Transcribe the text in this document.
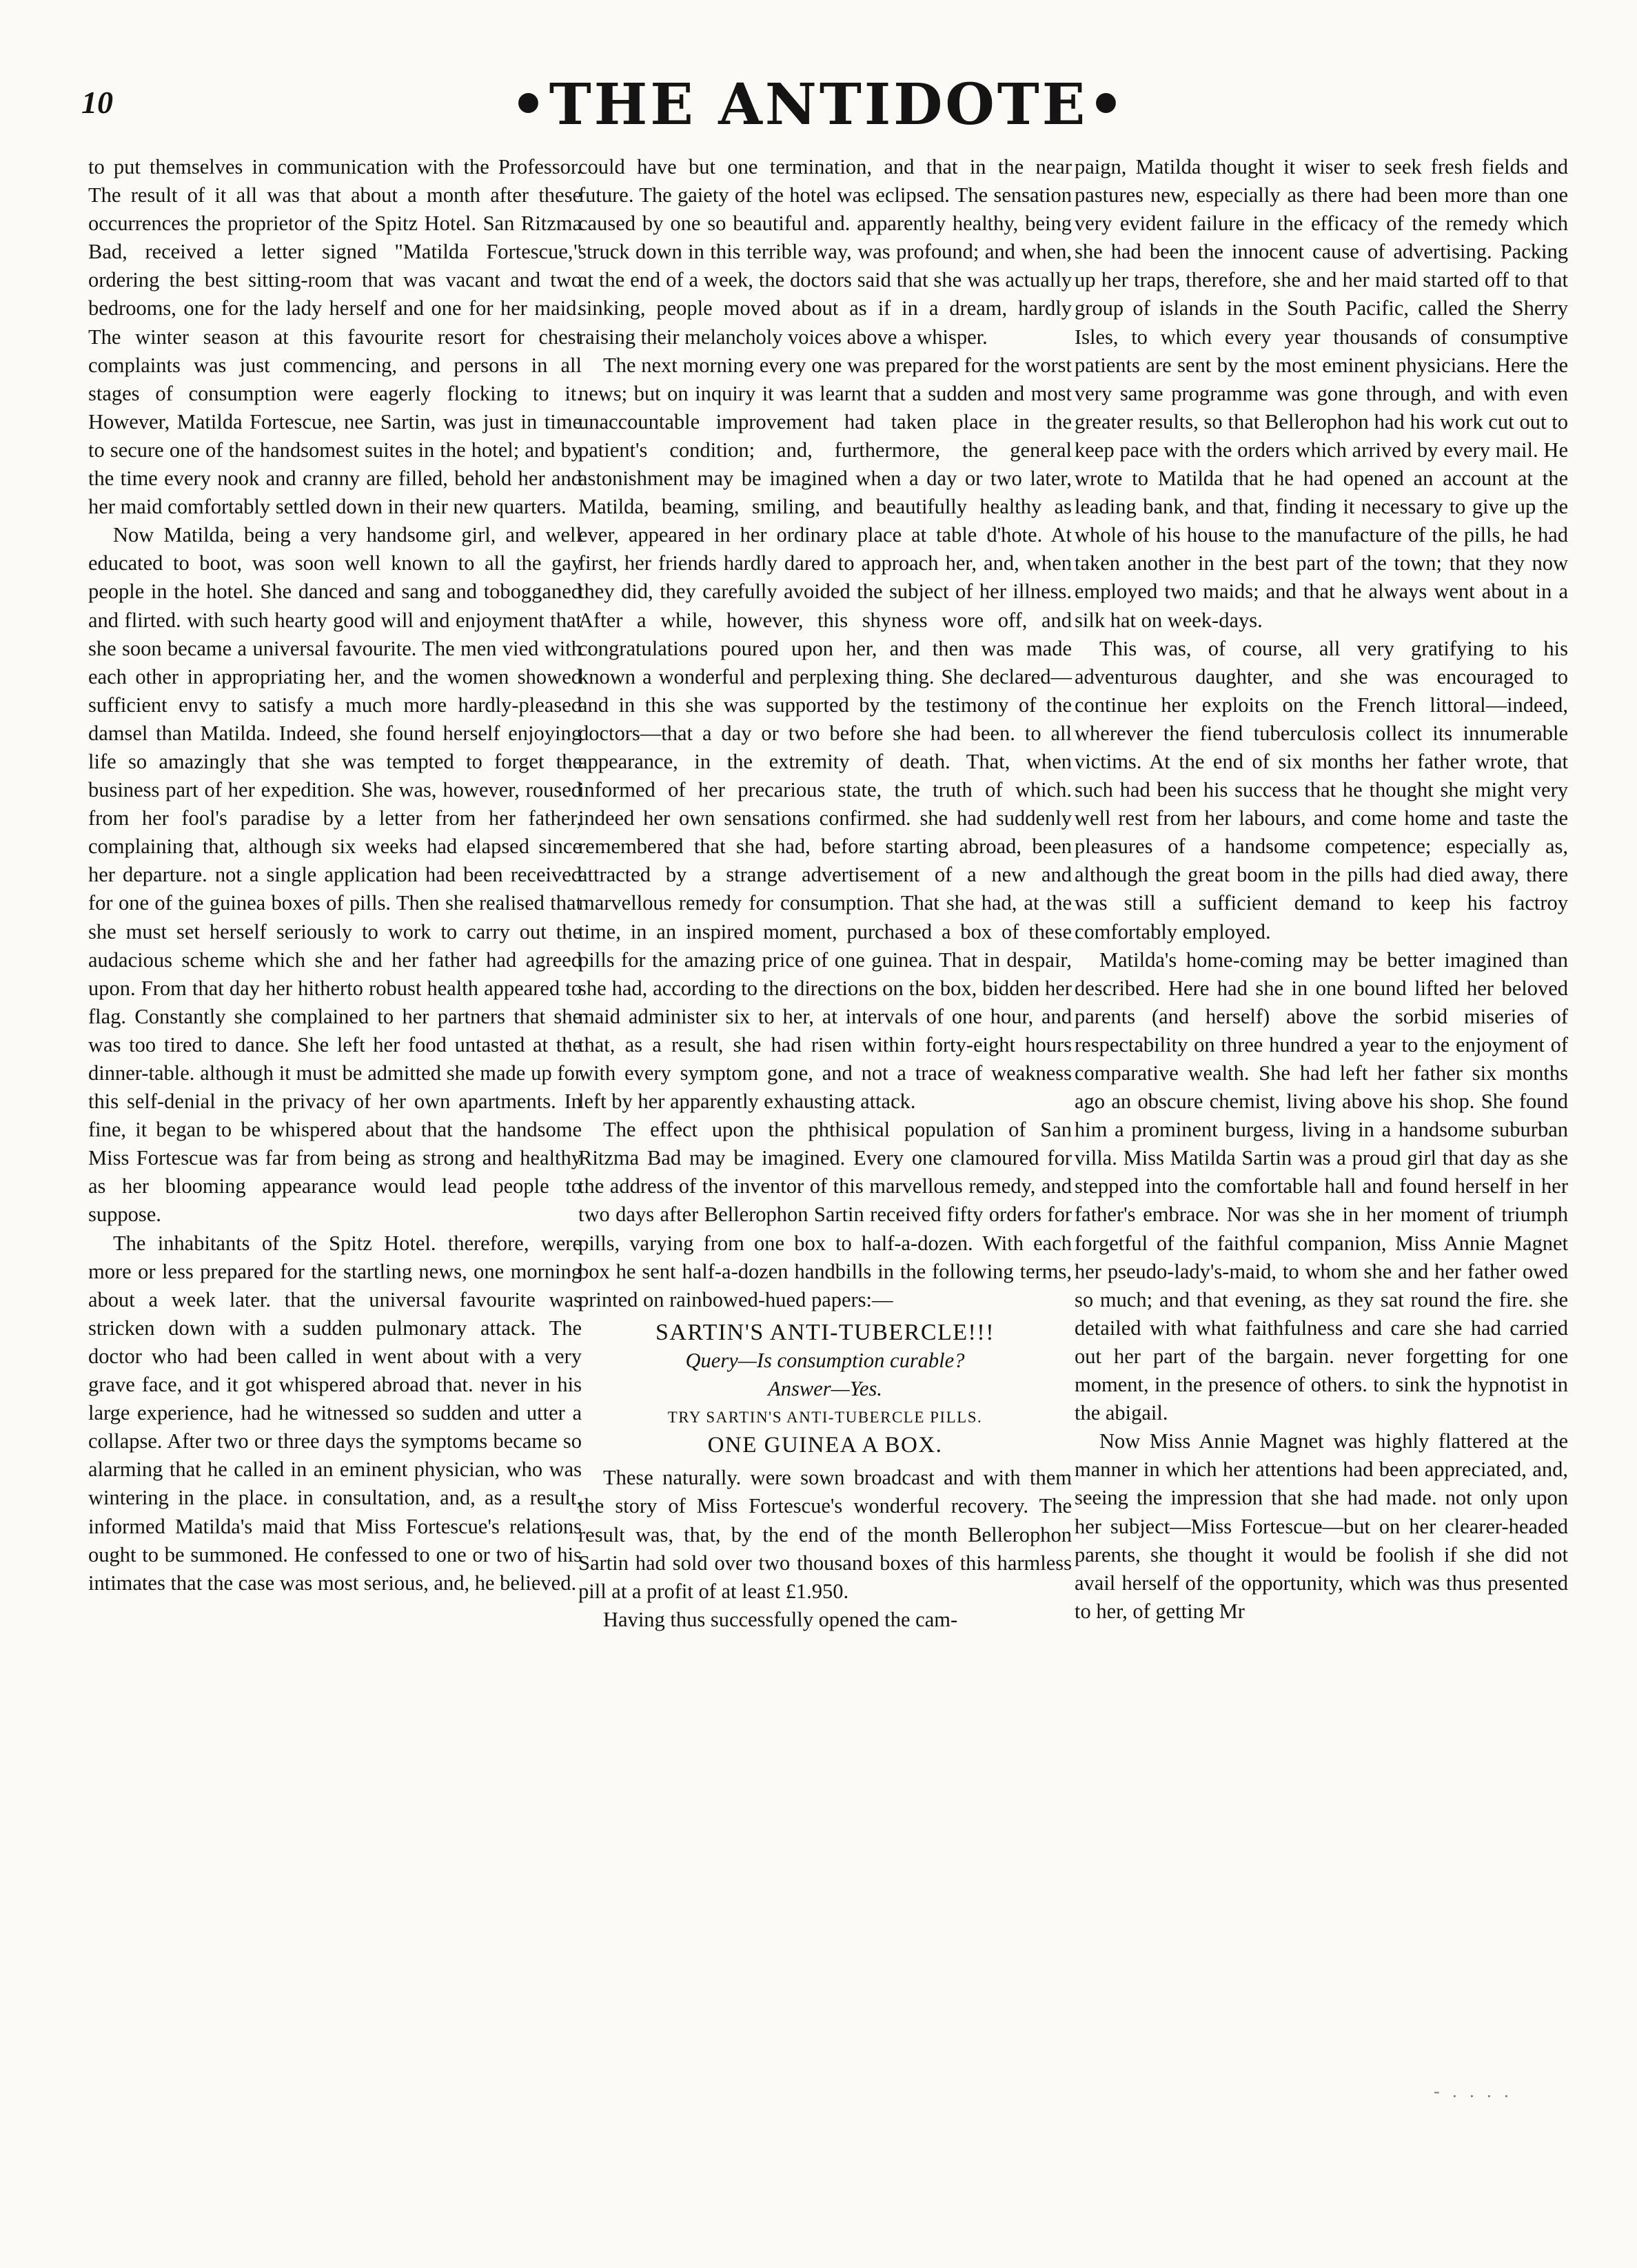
10	•THE ANTIDOTE•

to put themselves in communication with the Professor. The result of it all was that about a month after these occurrences the proprietor of the Spitz Hotel. San Ritzma Bad, received a letter signed "Matilda Fortescue," ordering the best sitting-room that was vacant and two bedrooms, one for the lady herself and one for her maid. The winter season at this favourite resort for chest complaints was just commencing, and persons in all stages of consumption were eagerly flocking to it. However, Matilda Fortescue, nee Sartin, was just in time to secure one of the handsomest suites in the hotel; and by the time every nook and cranny are filled, behold her and her maid comfortably settled down in their new quarters.

Now Matilda, being a very handsome girl, and well educated to boot, was soon well known to all the gay people in the hotel. She danced and sang and tobogganed and flirted. with such hearty good will and enjoyment that she soon became a universal favourite. The men vied with each other in appropriating her, and the women showed sufficient envy to satisfy a much more hardly-pleased damsel than Matilda. Indeed, she found herself enjoying life so amazingly that she was tempted to forget the business part of her expedition. She was, however, roused from her fool's paradise by a letter from her father, complaining that, although six weeks had elapsed since her departure. not a single application had been received for one of the guinea boxes of pills. Then she realised that she must set herself seriously to work to carry out the audacious scheme which she and her father had agreed upon. From that day her hitherto robust health appeared to flag. Constantly she complained to her partners that she was too tired to dance. She left her food untasted at the dinner-table. although it must be admitted she made up for this self-denial in the privacy of her own apartments. In fine, it began to be whispered about that the handsome Miss Fortescue was far from being as strong and healthy as her blooming appearance would lead people to suppose.

The inhabitants of the Spitz Hotel. therefore, were more or less prepared for the startling news, one morning about a week later. that the universal favourite was stricken down with a sudden pulmonary attack. The doctor who had been called in went about with a very grave face, and it got whispered abroad that. never in his large experience, had he witnessed so sudden and utter a collapse. After two or three days the symptoms became so alarming that he called in an eminent physician, who was wintering in the place. in consultation, and, as a result, informed Matilda's maid that Miss Fortescue's relations ought to be summoned. He confessed to one or two of his intimates that the case was most serious, and, he believed.

could have but one termination, and that in the near future. The gaiety of the hotel was eclipsed. The sensation caused by one so beautiful and. apparently healthy, being struck down in this terrible way, was profound; and when, at the end of a week, the doctors said that she was actually sinking, people moved about as if in a dream, hardly raising their melancholy voices above a whisper.

The next morning every one was prepared for the worst news; but on inquiry it was learnt that a sudden and most unaccountable improvement had taken place in the patient's condition; and, furthermore, the general astonishment may be imagined when a day or two later, Matilda, beaming, smiling, and beautifully healthy as ever, appeared in her ordinary place at table d'hote. At first, her friends hardly dared to approach her, and, when they did, they carefully avoided the subject of her illness. After a while, however, this shyness wore off, and congratulations poured upon her, and then was made known a wonderful and perplexing thing. She declared—and in this she was supported by the testimony of the doctors—that a day or two before she had been. to all appearance, in the extremity of death. That, when informed of her precarious state, the truth of which. indeed her own sensations confirmed. she had suddenly remembered that she had, before starting abroad, been attracted by a strange advertisement of a new and marvellous remedy for consumption. That she had, at the time, in an inspired moment, purchased a box of these pills for the amazing price of one guinea. That in despair, she had, according to the directions on the box, bidden her maid administer six to her, at intervals of one hour, and that, as a result, she had risen within forty-eight hours with every symptom gone, and not a trace of weakness left by her apparently exhausting attack.

The effect upon the phthisical population of San Ritzma Bad may be imagined. Every one clamoured for the address of the inventor of this marvellous remedy, and two days after Bellerophon Sartin received fifty orders for pills, varying from one box to half-a-dozen. With each box he sent half-a-dozen handbills in the following terms, printed on rainbowed-hued papers:—

SARTIN'S ANTI-TUBERCLE!!!

Query—Is consumption curable?

Answer—Yes.

TRY SARTIN'S ANTI-TUBERCLE PILLS.

ONE GUINEA A BOX.

These naturally. were sown broadcast and with them the story of Miss Fortescue's wonderful recovery. The result was, that, by the end of the month Bellerophon Sartin had sold over two thousand boxes of this harmless pill at a profit of at least £1.950.

Having thus successfully opened the cam-

paign, Matilda thought it wiser to seek fresh fields and pastures new, especially as there had been more than one very evident failure in the efficacy of the remedy which she had been the innocent cause of advertising. Packing up her traps, therefore, she and her maid started off to that group of islands in the South Pacific, called the Sherry Isles, to which every year thousands of consumptive patients are sent by the most eminent physicians. Here the very same programme was gone through, and with even greater results, so that Bellerophon had his work cut out to keep pace with the orders which arrived by every mail. He wrote to Matilda that he had opened an account at the leading bank, and that, finding it necessary to give up the whole of his house to the manufacture of the pills, he had taken another in the best part of the town; that they now employed two maids; and that he always went about in a silk hat on week-days.

This was, of course, all very gratifying to his adventurous daughter, and she was encouraged to continue her exploits on the French littoral—indeed, wherever the fiend tuberculosis collect its innumerable victims. At the end of six months her father wrote, that such had been his success that he thought she might very well rest from her labours, and come home and taste the pleasures of a handsome competence; especially as, although the great boom in the pills had died away, there was still a sufficient demand to keep his factroy comfortably employed.

Matilda's home-coming may be better imagined than described. Here had she in one bound lifted her beloved parents (and herself) above the sorbid miseries of respectability on three hundred a year to the enjoyment of comparative wealth. She had left her father six months ago an obscure chemist, living above his shop. She found him a prominent burgess, living in a handsome suburban villa. Miss Matilda Sartin was a proud girl that day as she stepped into the comfortable hall and found herself in her father's embrace. Nor was she in her moment of triumph forgetful of the faithful companion, Miss Annie Magnet her pseudo-lady's-maid, to whom she and her father owed so much; and that evening, as they sat round the fire. she detailed with what faithfulness and care she had carried out her part of the bargain. never forgetting for one moment, in the presence of others. to sink the hypnotist in the abigail.

Now Miss Annie Magnet was highly flattered at the manner in which her attentions had been appreciated, and, seeing the impression that she had made. not only upon her subject—Miss Fortescue—but on her clearer-headed parents, she thought it would be foolish if she did not avail herself of the opportunity, which was thus presented to her, of getting Mr

- . . . .
